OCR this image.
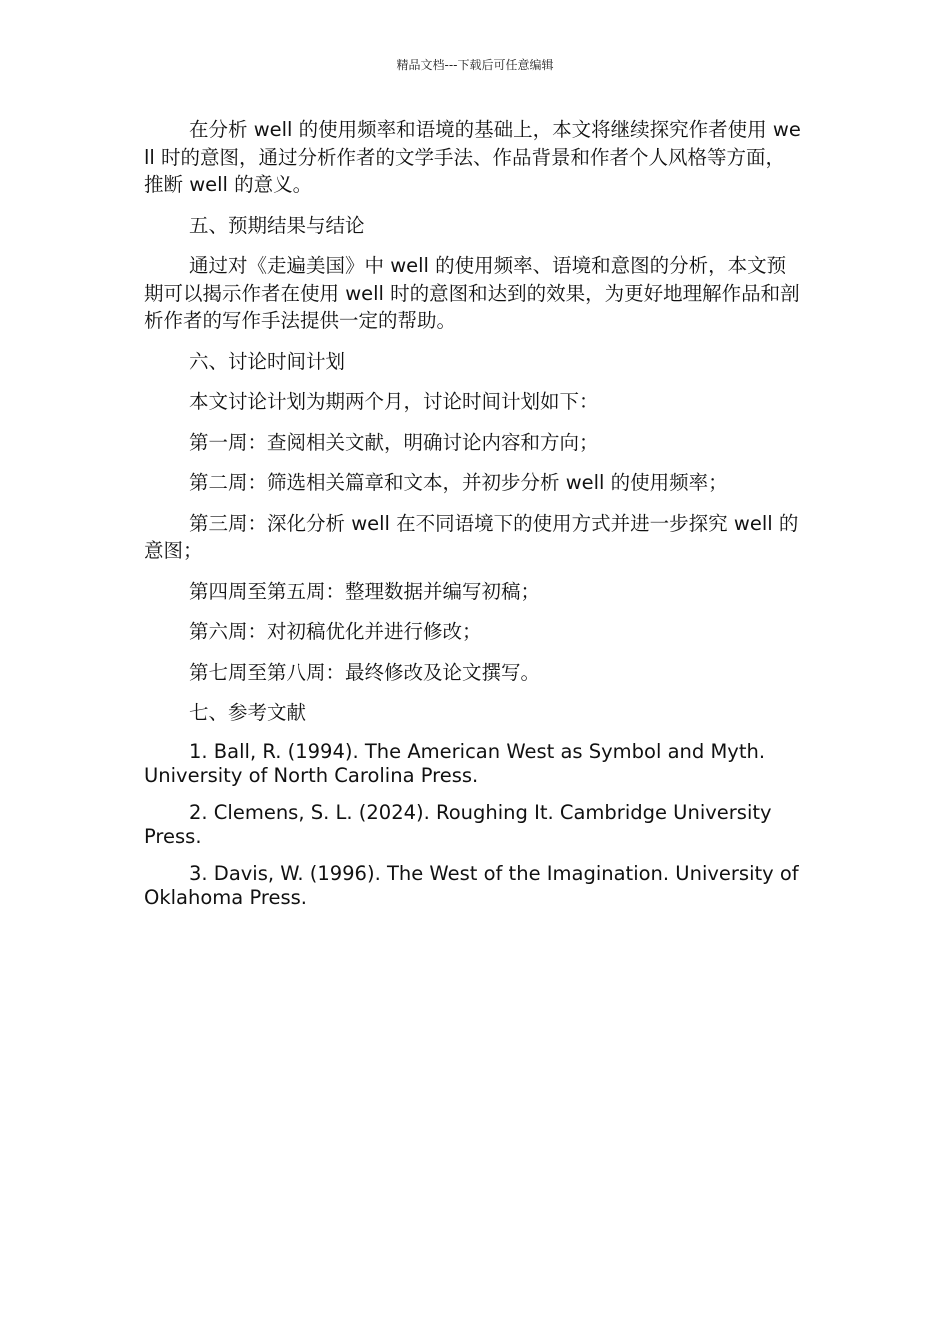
精品文档---下载后可任意编辑

在分析 well 的使用频率和语境的基础上，本文将继续探究作者使用 well 时的意图，通过分析作者的文学手法、作品背景和作者个人风格等方面，推断 well 的意义。

五、预期结果与结论

通过对《走遍美国》中 well 的使用频率、语境和意图的分析，本文预期可以揭示作者在使用 well 时的意图和达到的效果，为更好地理解作品和剖析作者的写作手法提供一定的帮助。

六、讨论时间计划

本文讨论计划为期两个月，讨论时间计划如下：

第一周：查阅相关文献，明确讨论内容和方向；

第二周：筛选相关篇章和文本，并初步分析 well 的使用频率；

第三周：深化分析 well 在不同语境下的使用方式并进一步探究 well 的意图；

第四周至第五周：整理数据并编写初稿；

第六周：对初稿优化并进行修改；

第七周至第八周：最终修改及论文撰写。

七、参考文献

1. Ball, R. (1994). The American West as Symbol and Myth. University of North Carolina Press.

2. Clemens, S. L. (2024). Roughing It. Cambridge University Press.

3. Davis, W. (1996). The West of the Imagination. University of Oklahoma Press.
